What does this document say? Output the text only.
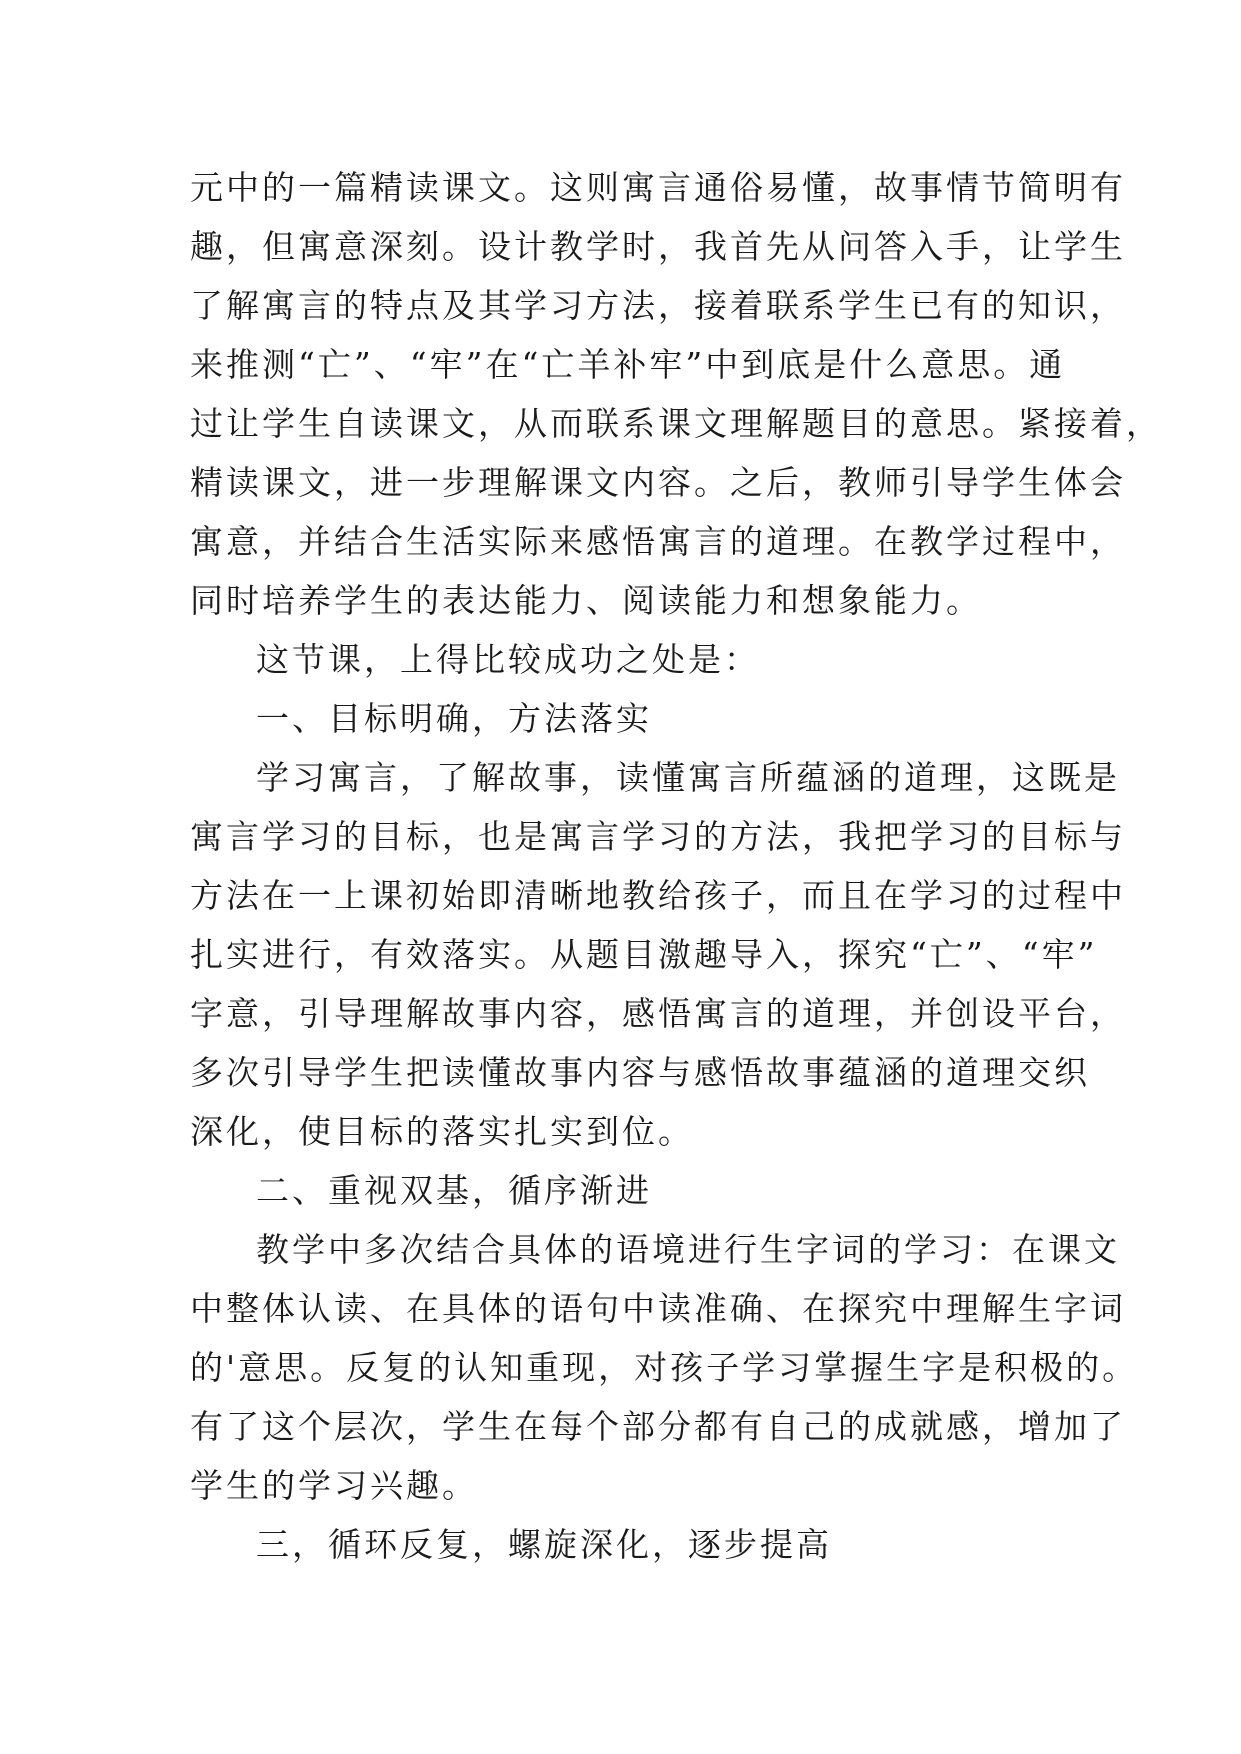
元中的一篇精读课文。这则寓言通俗易懂，故事情节简明有
趣，但寓意深刻。设计教学时，我首先从问答入手，让学生
了解寓言的特点及其学习方法，接着联系学生已有的知识，
来推测“亡”、“牢”在“亡羊补牢”中到底是什么意思。通
过让学生自读课文，从而联系课文理解题目的意思。紧接着，
精读课文，进一步理解课文内容。之后，教师引导学生体会
寓意，并结合生活实际来感悟寓言的道理。在教学过程中，
同时培养学生的表达能力、阅读能力和想象能力。
这节课，上得比较成功之处是：
一、目标明确，方法落实
学习寓言，了解故事，读懂寓言所蕴涵的道理，这既是
寓言学习的目标，也是寓言学习的方法，我把学习的目标与
方法在一上课初始即清晰地教给孩子，而且在学习的过程中
扎实进行，有效落实。从题目激趣导入，探究“亡”、“牢”
字意，引导理解故事内容，感悟寓言的道理，并创设平台，
多次引导学生把读懂故事内容与感悟故事蕴涵的道理交织
深化，使目标的落实扎实到位。
二、重视双基，循序渐进
教学中多次结合具体的语境进行生字词的学习：在课文
中整体认读、在具体的语句中读准确、在探究中理解生字词
的'意思。反复的认知重现，对孩子学习掌握生字是积极的。
有了这个层次，学生在每个部分都有自己的成就感，增加了
学生的学习兴趣。
三，循环反复，螺旋深化，逐步提高
